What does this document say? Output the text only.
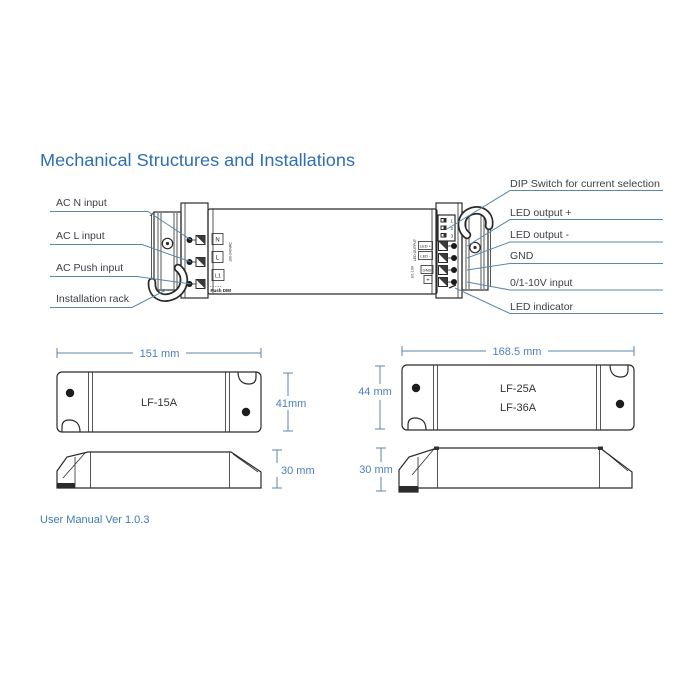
Mechanical Structures and Installations
N
L
L1
100-240VAC
Push DIM
1
2
3
LED +
LED -
GND
+
LED OUTPUT
0/1-10V
AC N input
AC L input
AC Push input
Installation rack
DIP Switch for current selection
LED output +
LED output -
GND
0/1-10V input
LED indicator
151 mm
LF-15A	41mm
30 mm
168.5 mm
LF-25A
LF-36A
44 mm
30 mm
User Manual Ver 1.0.3
